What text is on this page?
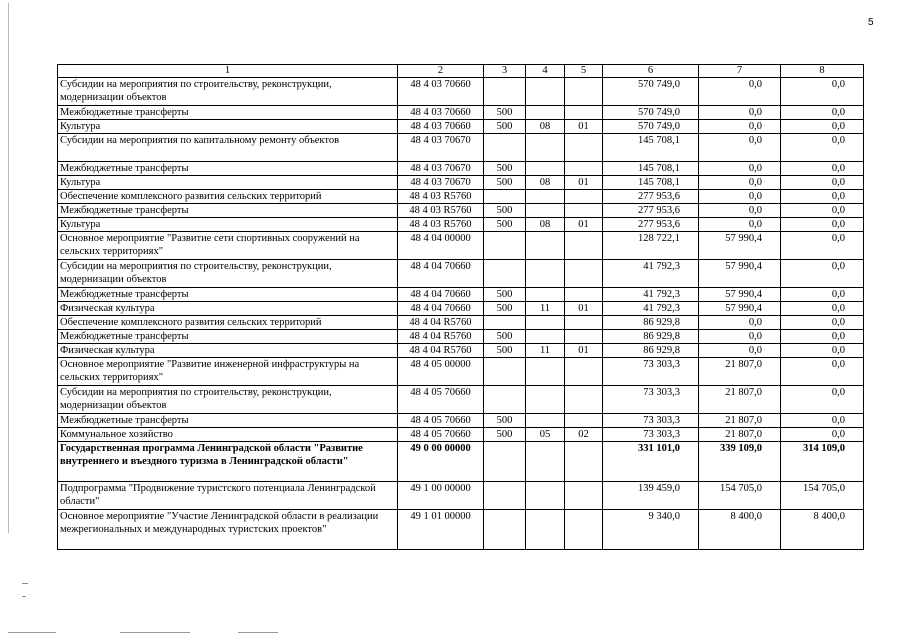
5
1	2	3	4	5	6	7	8
Субсидии на мероприятия по строительству, реконструкции, модернизации объектов	48 4 03 70660				570 749,0	0,0	0,0
Межбюджетные трансферты	48 4 03 70660	500			570 749,0	0,0	0,0
Культура	48 4 03 70660	500	08	01	570 749,0	0,0	0,0
Субсидии на мероприятия по капитальному ремонту объектов	48 4 03 70670				145 708,1	0,0	0,0
Межбюджетные трансферты	48 4 03 70670	500			145 708,1	0,0	0,0
Культура	48 4 03 70670	500	08	01	145 708,1	0,0	0,0
Обеспечение комплексного развития сельских территорий	48 4 03 R5760				277 953,6	0,0	0,0
Межбюджетные трансферты	48 4 03 R5760	500			277 953,6	0,0	0,0
Культура	48 4 03 R5760	500	08	01	277 953,6	0,0	0,0
Основное мероприятие "Развитие сети спортивных сооружений на сельских территориях"	48 4 04 00000				128 722,1	57 990,4	0,0
Субсидии на мероприятия по строительству, реконструкции, модернизации объектов	48 4 04 70660				41 792,3	57 990,4	0,0
Межбюджетные трансферты	48 4 04 70660	500			41 792,3	57 990,4	0,0
Физическая культура	48 4 04 70660	500	11	01	41 792,3	57 990,4	0,0
Обеспечение комплексного развития сельских территорий	48 4 04 R5760				86 929,8	0,0	0,0
Межбюджетные трансферты	48 4 04 R5760	500			86 929,8	0,0	0,0
Физическая культура	48 4 04 R5760	500	11	01	86 929,8	0,0	0,0
Основное мероприятие "Развитие инженерной инфраструктуры на сельских территориях"	48 4 05 00000				73 303,3	21 807,0	0,0
Субсидии на мероприятия по строительству, реконструкции, модернизации объектов	48 4 05 70660				73 303,3	21 807,0	0,0
Межбюджетные трансферты	48 4 05 70660	500			73 303,3	21 807,0	0,0
Коммунальное хозяйство	48 4 05 70660	500	05	02	73 303,3	21 807,0	0,0
Государственная программа Ленинградской области "Развитие внутреннего и въездного туризма в Ленинградской области"	49 0 00 00000				331 101,0	339 109,0	314 109,0
Подпрограмма "Продвижение туристского потенциала Ленинградской области"	49 1 00 00000				139 459,0	154 705,0	154 705,0
Основное мероприятие "Участие Ленинградской области в реализации межрегиональных и международных туристских проектов"	49 1 01 00000				9 340,0	8 400,0	8 400,0
